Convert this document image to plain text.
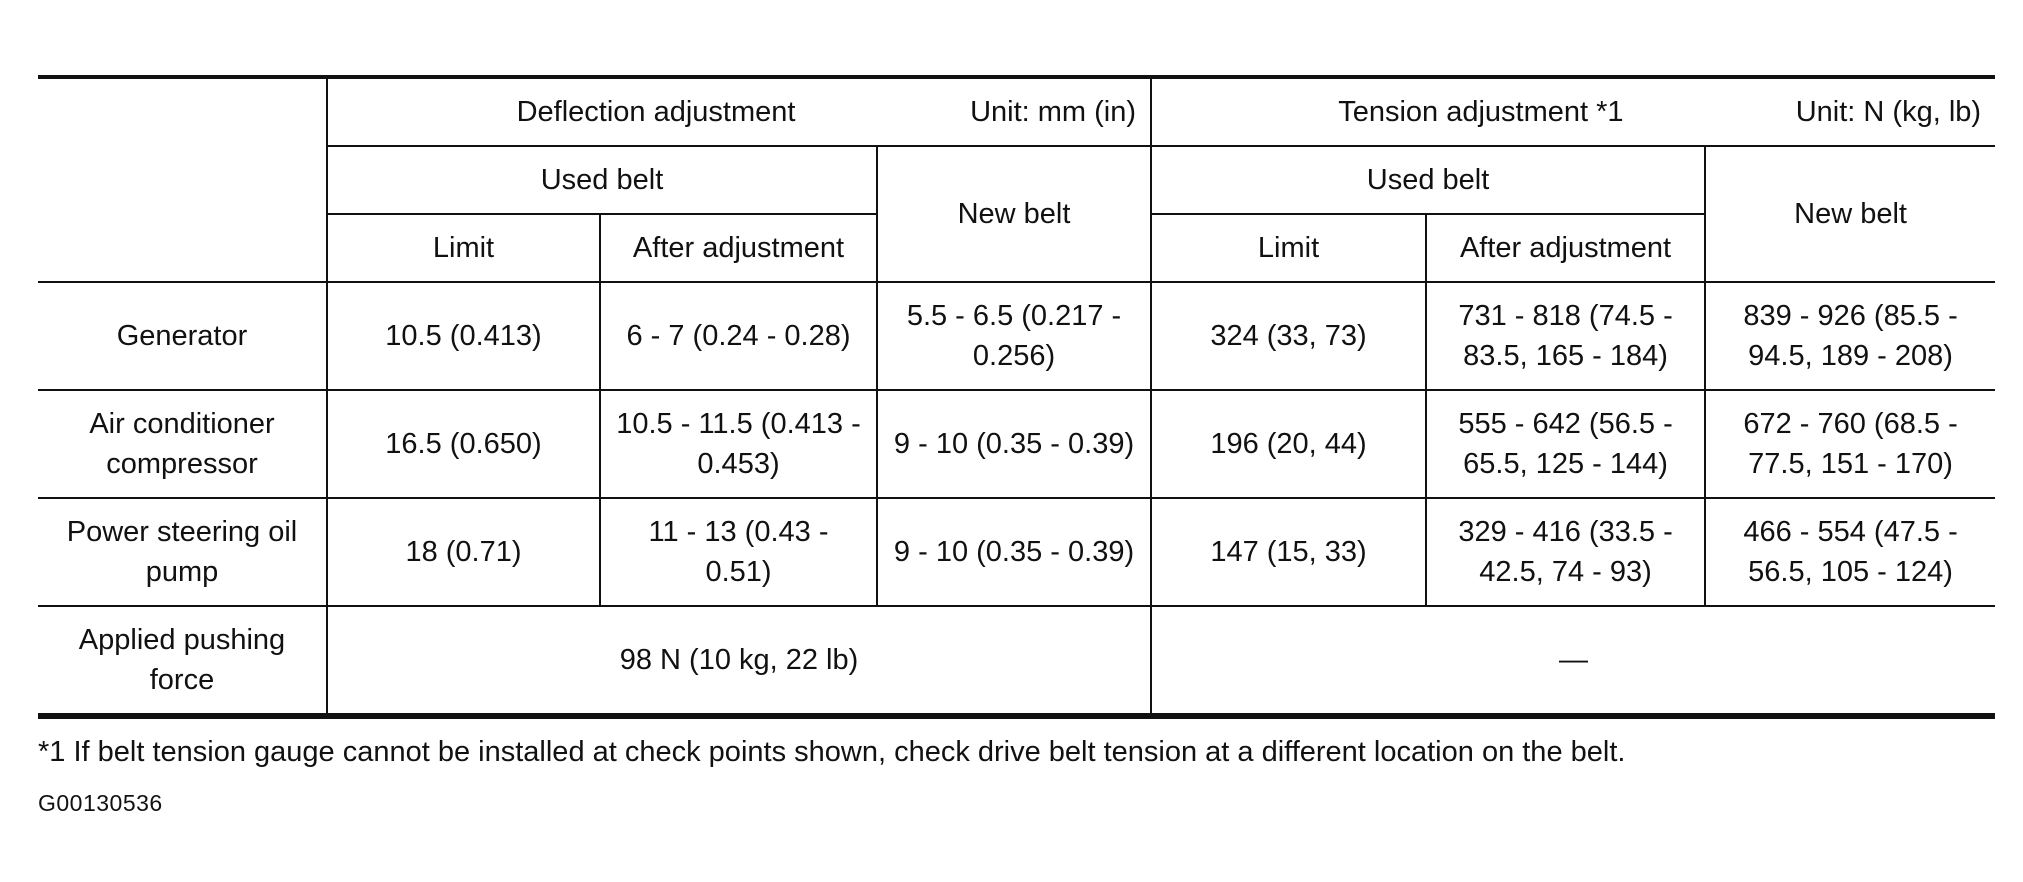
	Deflection adjustment Unit: mm (in)			Tension adjustment *1 Unit: N (kg, lb)		

	Used belt		New belt	Used belt		New belt
	Limit	After adjustment		Limit	After adjustment	
Generator	10.5 (0.413)	6 - 7 (0.24 - 0.28)	5.5 - 6.5 (0.217 - 0.256)	324 (33, 73)	731 - 818 (74.5 - 83.5, 165 - 184)	839 - 926 (85.5 - 94.5, 189 - 208)
Air conditioner compressor	16.5 (0.650)	10.5 - 11.5 (0.413 - 0.453)	9 - 10 (0.35 - 0.39)	196 (20, 44)	555 - 642 (56.5 - 65.5, 125 - 144)	672 - 760 (68.5 - 77.5, 151 - 170)
Power steering oil pump	18 (0.71)	11 - 13 (0.43 - 0.51)	9 - 10 (0.35 - 0.39)	147 (15, 33)	329 - 416 (33.5 - 42.5, 74 - 93)	466 - 554 (47.5 - 56.5, 105 - 124)
Applied pushing force	98 N (10 kg, 22 lb)			—		
*1 If belt tension gauge cannot be installed at check points shown, check drive belt tension at a different location on the belt.
G00130536
